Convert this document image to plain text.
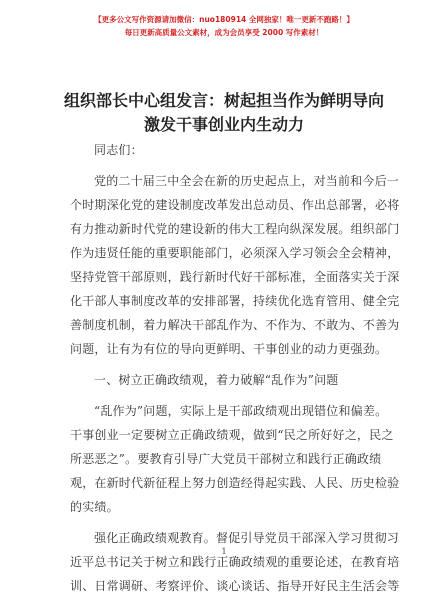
【更多公文写作资源请加微信：nuo180914 全网独家！唯一更新不跑路！】
每日更新高质量公文素材，成为会员享受 2000 写作素材！
组织部长中心组发言：树起担当作为鲜明导向
激发干事创业内生动力
同志们：
党的二十届三中全会在新的历史起点上，对当前和今后一
个时期深化党的建设制度改革发出总动员、作出总部署，必将
有力推动新时代党的建设新的伟大工程向纵深发展。组织部门
作为违贤任能的重要职能部门，必须深入学习领会全会精神，
坚持党管干部原则，践行新时代好干部标准，全面落实关于深
化干部人事制度改革的安排部署，持续优化选育管用、健全完
善制度机制，着力解决干部乱作为、不作为、不敢为、不善为
问题，让有为有位的导向更鲜明、干事创业的动力更强劲。
一、树立正确政绩观，着力破解“乱作为”问题
“乱作为”问题，实际上是干部政绩观出现错位和偏差。
干事创业一定要树立正确政绩观，做到“民之所好好之，民之
所恶恶之”。要教育引导广大党员干部树立和践行正确政绩
观，在新时代新征程上努力创造经得起实践、人民、历史检验
的实绩。
强化正确政绩观教育。督促引导党员干部深入学习贯彻习
近平总书记关于树立和践行正确政绩观的重要论述，在教育培
训、日常调研、考察评价、谈心谈话、指导开好民主生活会等
1
